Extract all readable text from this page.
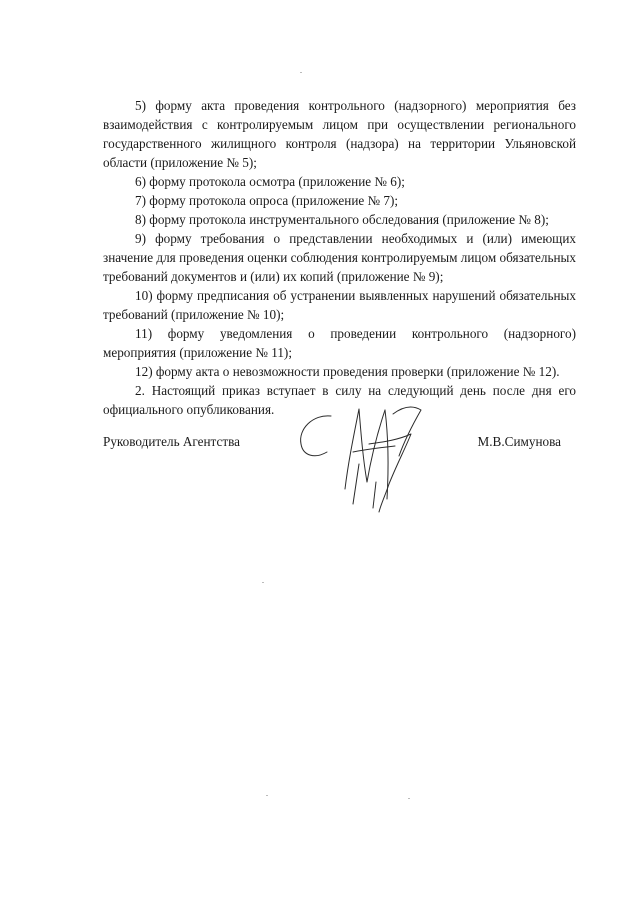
5) форму акта проведения контрольного (надзорного) мероприятия без взаимодействия с контролируемым лицом при осуществлении регионального государственного жилищного контроля (надзора) на территории Ульяновской области (приложение № 5);

6) форму протокола осмотра (приложение № 6);

7) форму протокола опроса (приложение № 7);

8) форму протокола инструментального обследования (приложение № 8);

9) форму требования о представлении необходимых и (или) имеющих значение для проведения оценки соблюдения контролируемым лицом обязательных требований документов и (или) их копий (приложение № 9);

10) форму предписания об устранении выявленных нарушений обязательных требований (приложение № 10);

11) форму уведомления о проведении контрольного (надзорного) мероприятия (приложение № 11);

12) форму акта о невозможности проведения проверки (приложение № 12).

2. Настоящий приказ вступает в силу на следующий день после дня его официального опубликования.

Руководитель Агентства	М.В.Симунова
